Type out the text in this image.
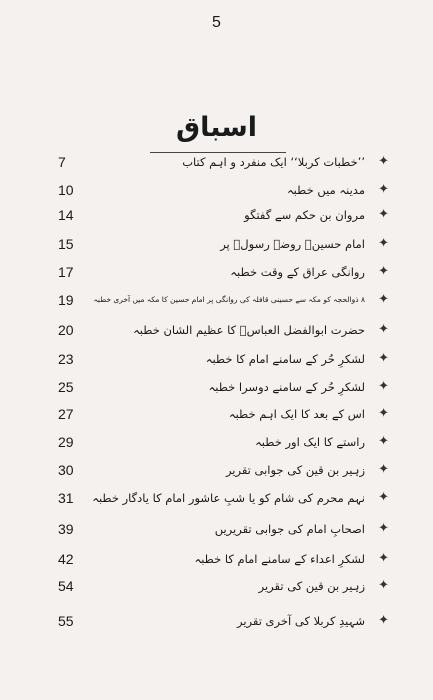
5
اسباق
7	’’خطبات کربلا‘‘ ایک منفرد و اہم کتاب ✦
10	مدینہ میں خطبہ ✦
14	مروان بن حکم سے گفتگو ✦
15	امام حسینؑ روضہ رسولؐ پر ✦
17	روانگی عراق کے وقت خطبہ ✦
19	۸ ذوالحجہ کو مکہ سے حسینی قافلہ کی روانگی پر امام حسین کا مکہ میں آخری خطبہ ✦
20	حضرت ابوالفضل العباسؑ کا عظیم الشان خطبہ ✦
23	لشکرِ حُر کے سامنے امام کا خطبہ ✦
25	لشکرِ حُر کے سامنے دوسرا خطبہ ✦
27	اس کے بعد کا ایک اہم خطبہ ✦
29	راستے کا ایک اور خطبہ ✦
30	زہیر بن قین کی جوابی تقریر ✦
31	نہم محرم کی شام کو یا شبِ عاشور امام کا یادگار خطبہ ✦
39	اصحابِ امام کی جوابی تقریریں ✦
42	لشکرِ اعداء کے سامنے امام کا خطبہ ✦
54	زہیر بن قین کی تقریر ✦
55	شہیدِ کربلا کی آخری تقریر ✦
